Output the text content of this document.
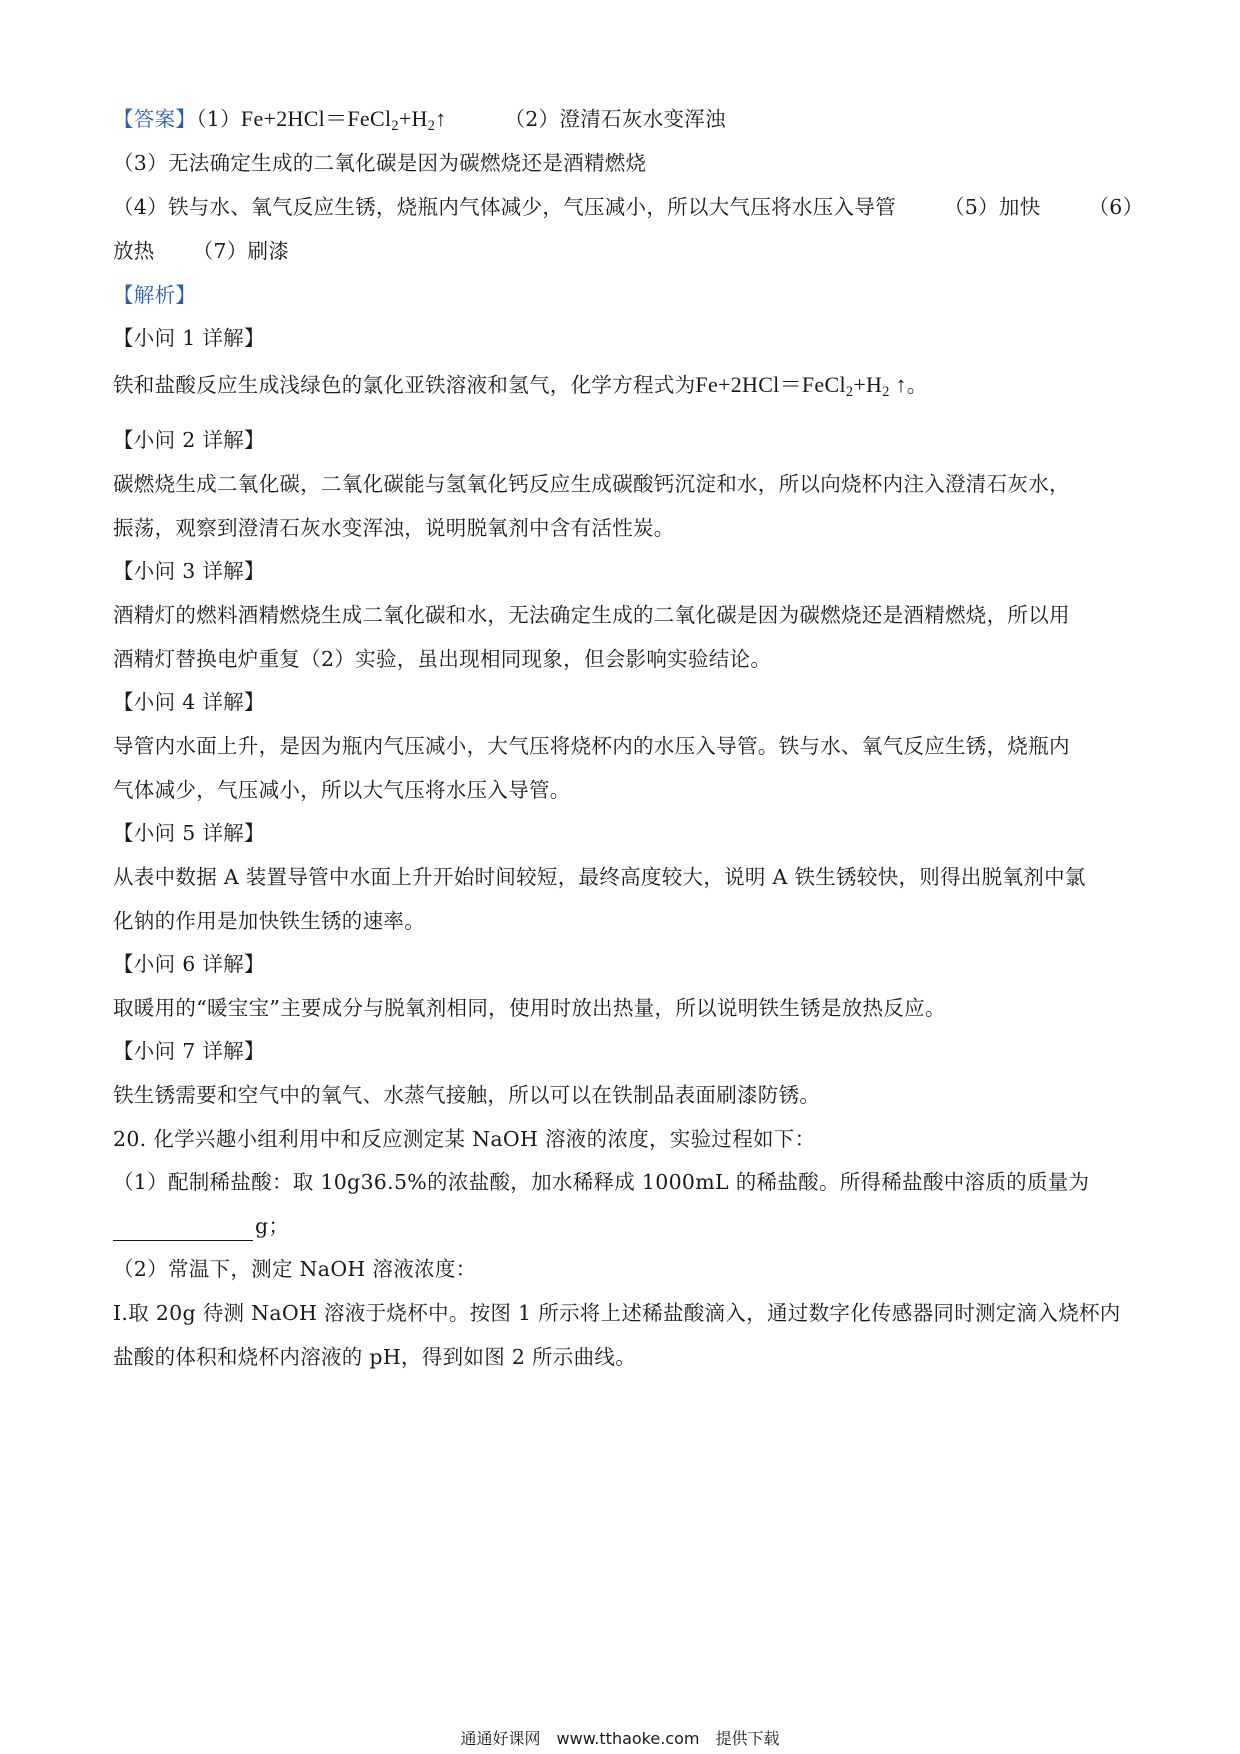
【答案】$(1)Fe+2HCl=FeCl_2+H_2↑$	（2）澄清石灰水变浑浊
（3）无法确定生成的二氧化碳是因为碳燃烧还是酒精燃烧
（4）铁与水、氧气反应生锈，烧瓶内气体减少，气压减小，所以大气压将水压入导管 （5）加快 （6）
放热 （7）刷漆
【解析】
【小问 1 详解】
铁和盐酸反应生成浅绿色的氯化亚铁溶液和氢气，化学方程式为$Fe+2HCl=FeCl_2+H_2$ ↑。
【小问 2 详解】
碳燃烧生成二氧化碳，二氧化碳能与氢氧化钙反应生成碳酸钙沉淀和水，所以向烧杯内注入澄清石灰水，
振荡，观察到澄清石灰水变浑浊，说明脱氧剂中含有活性炭。
【小问 3 详解】
酒精灯的燃料酒精燃烧生成二氧化碳和水，无法确定生成的二氧化碳是因为碳燃烧还是酒精燃烧，所以用
酒精灯替换电炉重复（2）实验，虽出现相同现象，但会影响实验结论。
【小问 4 详解】
导管内水面上升，是因为瓶内气压减小，大气压将烧杯内的水压入导管。铁与水、氧气反应生锈，烧瓶内
气体减少，气压减小，所以大气压将水压入导管。
【小问 5 详解】
从表中数据 A 装置导管中水面上升开始时间较短，最终高度较大，说明 A 铁生锈较快，则得出脱氧剂中氯
化钠的作用是加快铁生锈的速率。
【小问 6 详解】
取暖用的“暖宝宝”主要成分与脱氧剂相同，使用时放出热量，所以说明铁生锈是放热反应。
【小问 7 详解】
铁生锈需要和空气中的氧气、水蒸气接触，所以可以在铁制品表面刷漆防锈。
20. 化学兴趣小组利用中和反应测定某 NaOH 溶液的浓度，实验过程如下：
（1）配制稀盐酸：取 10g36.5%的浓盐酸，加水稀释成 1000mL 的稀盐酸。所得稀盐酸中溶质的质量为
g；
（2）常温下，测定 NaOH 溶液浓度：
I.取 20g 待测 NaOH 溶液于烧杯中。按图 1 所示将上述稀盐酸滴入，通过数字化传感器同时测定滴入烧杯内
盐酸的体积和烧杯内溶液的 pH，得到如图 2 所示曲线。
通通好课网　www.tthaoke.com　提供下载
